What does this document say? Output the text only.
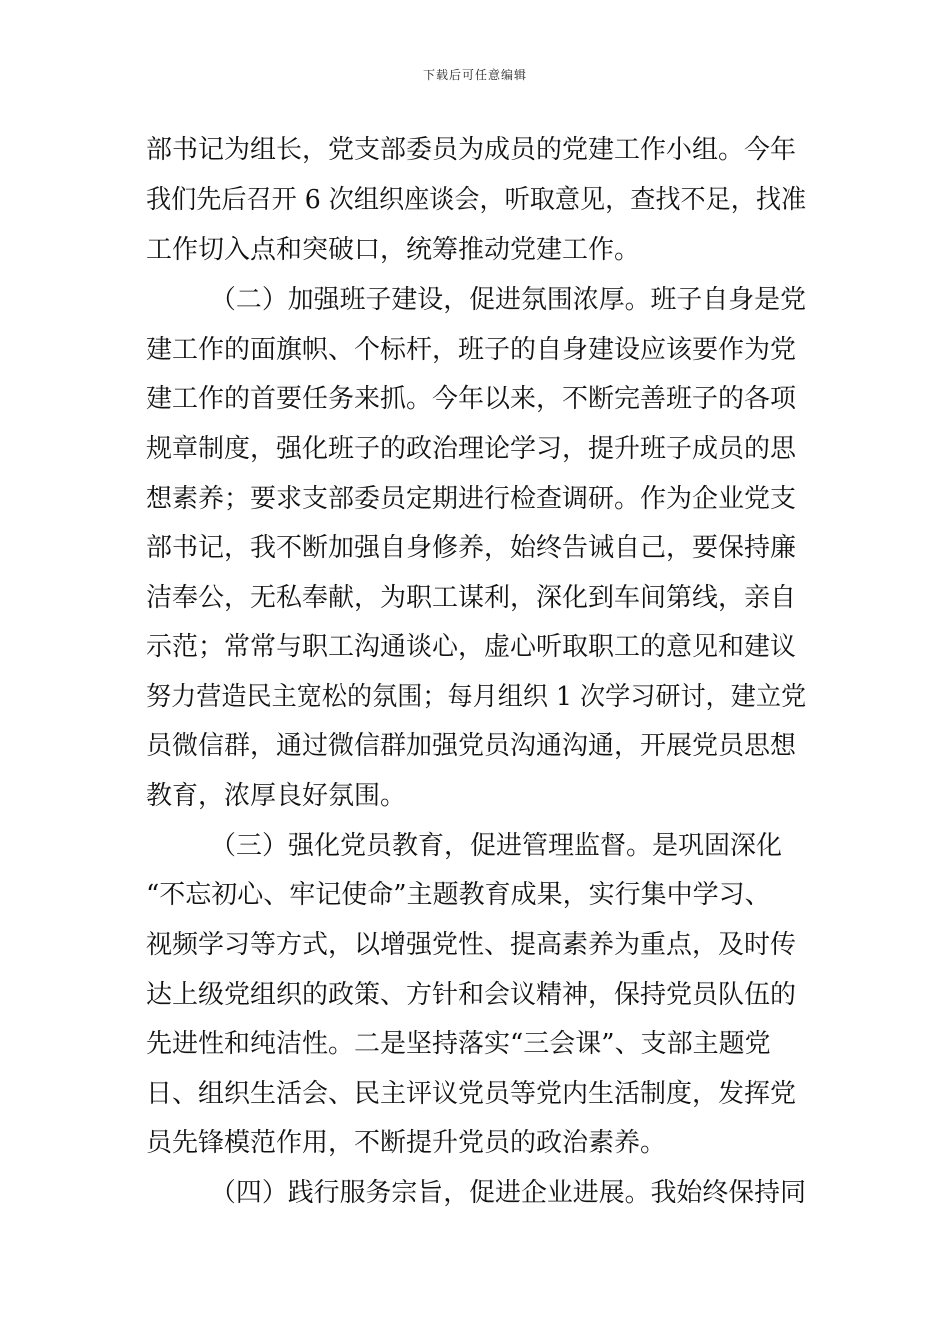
下载后可任意编辑
部书记为组长，党支部委员为成员的党建工作小组。今年
我们先后召开 6 次组织座谈会，听取意见，查找不足，找准
工作切入点和突破口，统筹推动党建工作。
（二）加强班子建设，促进氛围浓厚。班子自身是党
建工作的面旗帜、个标杆，班子的自身建设应该要作为党
建工作的首要任务来抓。今年以来，不断完善班子的各项
规章制度，强化班子的政治理论学习，提升班子成员的思
想素养；要求支部委员定期进行检查调研。作为企业党支
部书记，我不断加强自身修养，始终告诫自己，要保持廉
洁奉公，无私奉献，为职工谋利，深化到车间第线，亲自
示范；常常与职工沟通谈心，虚心听取职工的意见和建议
努力营造民主宽松的氛围；每月组织 1 次学习研讨，建立党
员微信群，通过微信群加强党员沟通沟通，开展党员思想
教育，浓厚良好氛围。
（三）强化党员教育，促进管理监督。是巩固深化
“不忘初心、牢记使命”主题教育成果，实行集中学习、
视频学习等方式，以增强党性、提高素养为重点，及时传
达上级党组织的政策、方针和会议精神，保持党员队伍的
先进性和纯洁性。二是坚持落实“三会课”、支部主题党
日、组织生活会、民主评议党员等党内生活制度，发挥党
员先锋模范作用，不断提升党员的政治素养。
（四）践行服务宗旨，促进企业进展。我始终保持同
